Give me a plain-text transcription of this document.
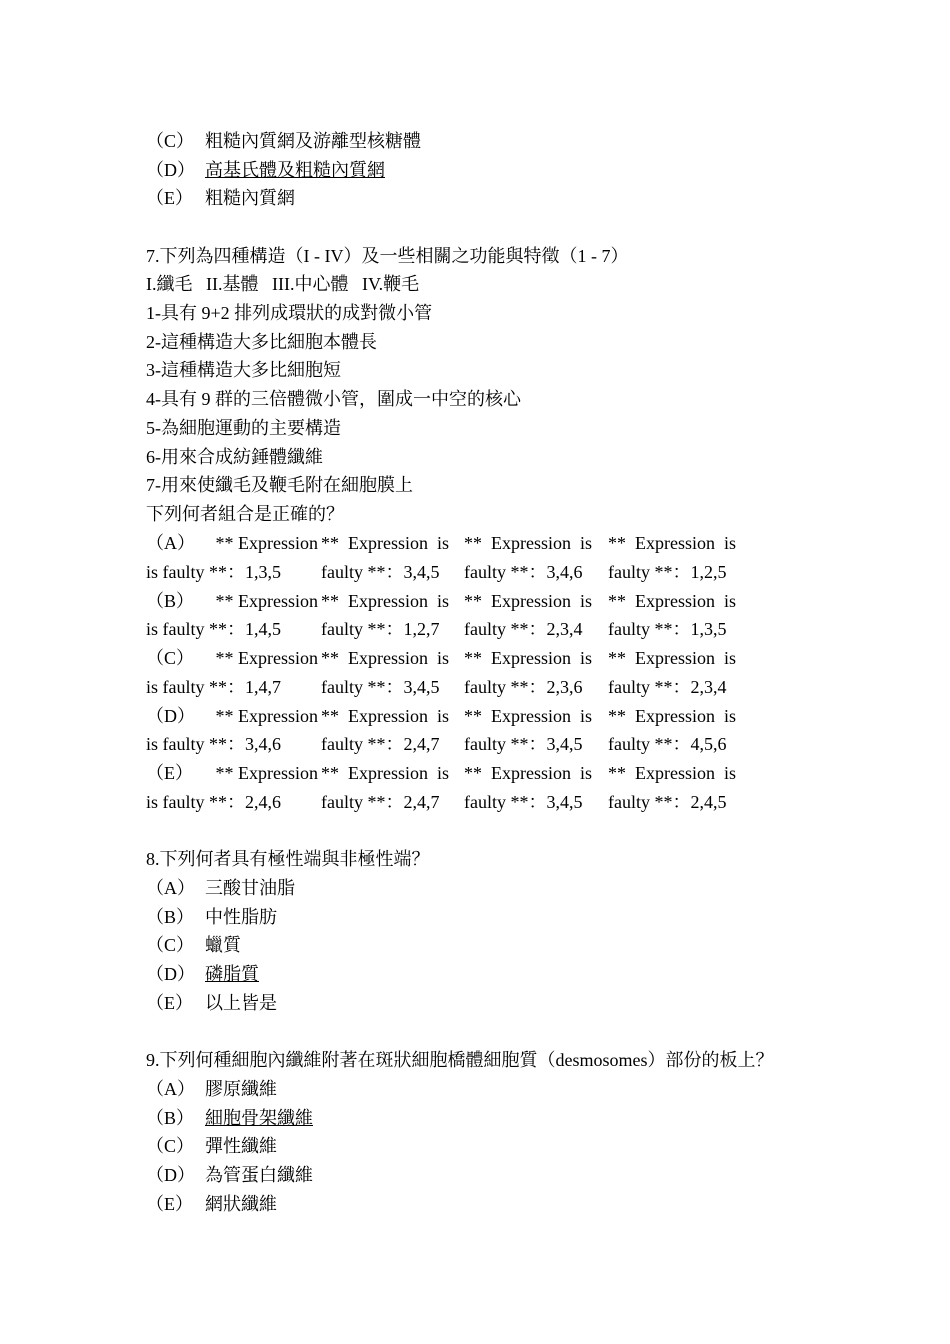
（C） 粗糙內質網及游離型核糖體
（D） 高基氏體及粗糙內質網
（E） 粗糙內質網
7.下列為四種構造（I - IV）及一些相關之功能與特徵（1 - 7）
I.纖毛   II.基體   III.中心體   IV.鞭毛
1-具有 9+2 排列成環狀的成對微小管
2-這種構造大多比細胞本體長
3-這種構造大多比細胞短
4-具有 9 群的三倍體微小管，圍成一中空的核心
5-為細胞運動的主要構造
6-用來合成紡錘體纖維
7-用來使纖毛及鞭毛附在細胞膜上
下列何者組合是正確的？
（A） ** Expression **  Expression  is **  Expression  is **  Expression  is
is faulty **：1,3,5	faulty **：3,4,5	faulty **：3,4,6	faulty **：1,2,5
（B） ** Expression **  Expression  is **  Expression  is **  Expression  is
is faulty **：1,4,5	faulty **：1,2,7	faulty **：2,3,4	faulty **：1,3,5
（C） ** Expression **  Expression  is **  Expression  is **  Expression  is
is faulty **：1,4,7	faulty **：3,4,5	faulty **：2,3,6	faulty **：2,3,4
（D） ** Expression **  Expression  is **  Expression  is **  Expression  is
is faulty **：3,4,6	faulty **：2,4,7	faulty **：3,4,5	faulty **：4,5,6
（E） ** Expression **  Expression  is **  Expression  is **  Expression  is
is faulty **：2,4,6	faulty **：2,4,7	faulty **：3,4,5	faulty **：2,4,5
8.下列何者具有極性端與非極性端？
（A） 三酸甘油脂
（B） 中性脂肪
（C） 蠟質
（D） 磷脂質
（E） 以上皆是
9.下列何種細胞內纖維附著在斑狀細胞橋體細胞質（desmosomes）部份的板上？
（A） 膠原纖維
（B） 細胞骨架纖維
（C） 彈性纖維
（D） 為管蛋白纖維
（E） 網狀纖維
